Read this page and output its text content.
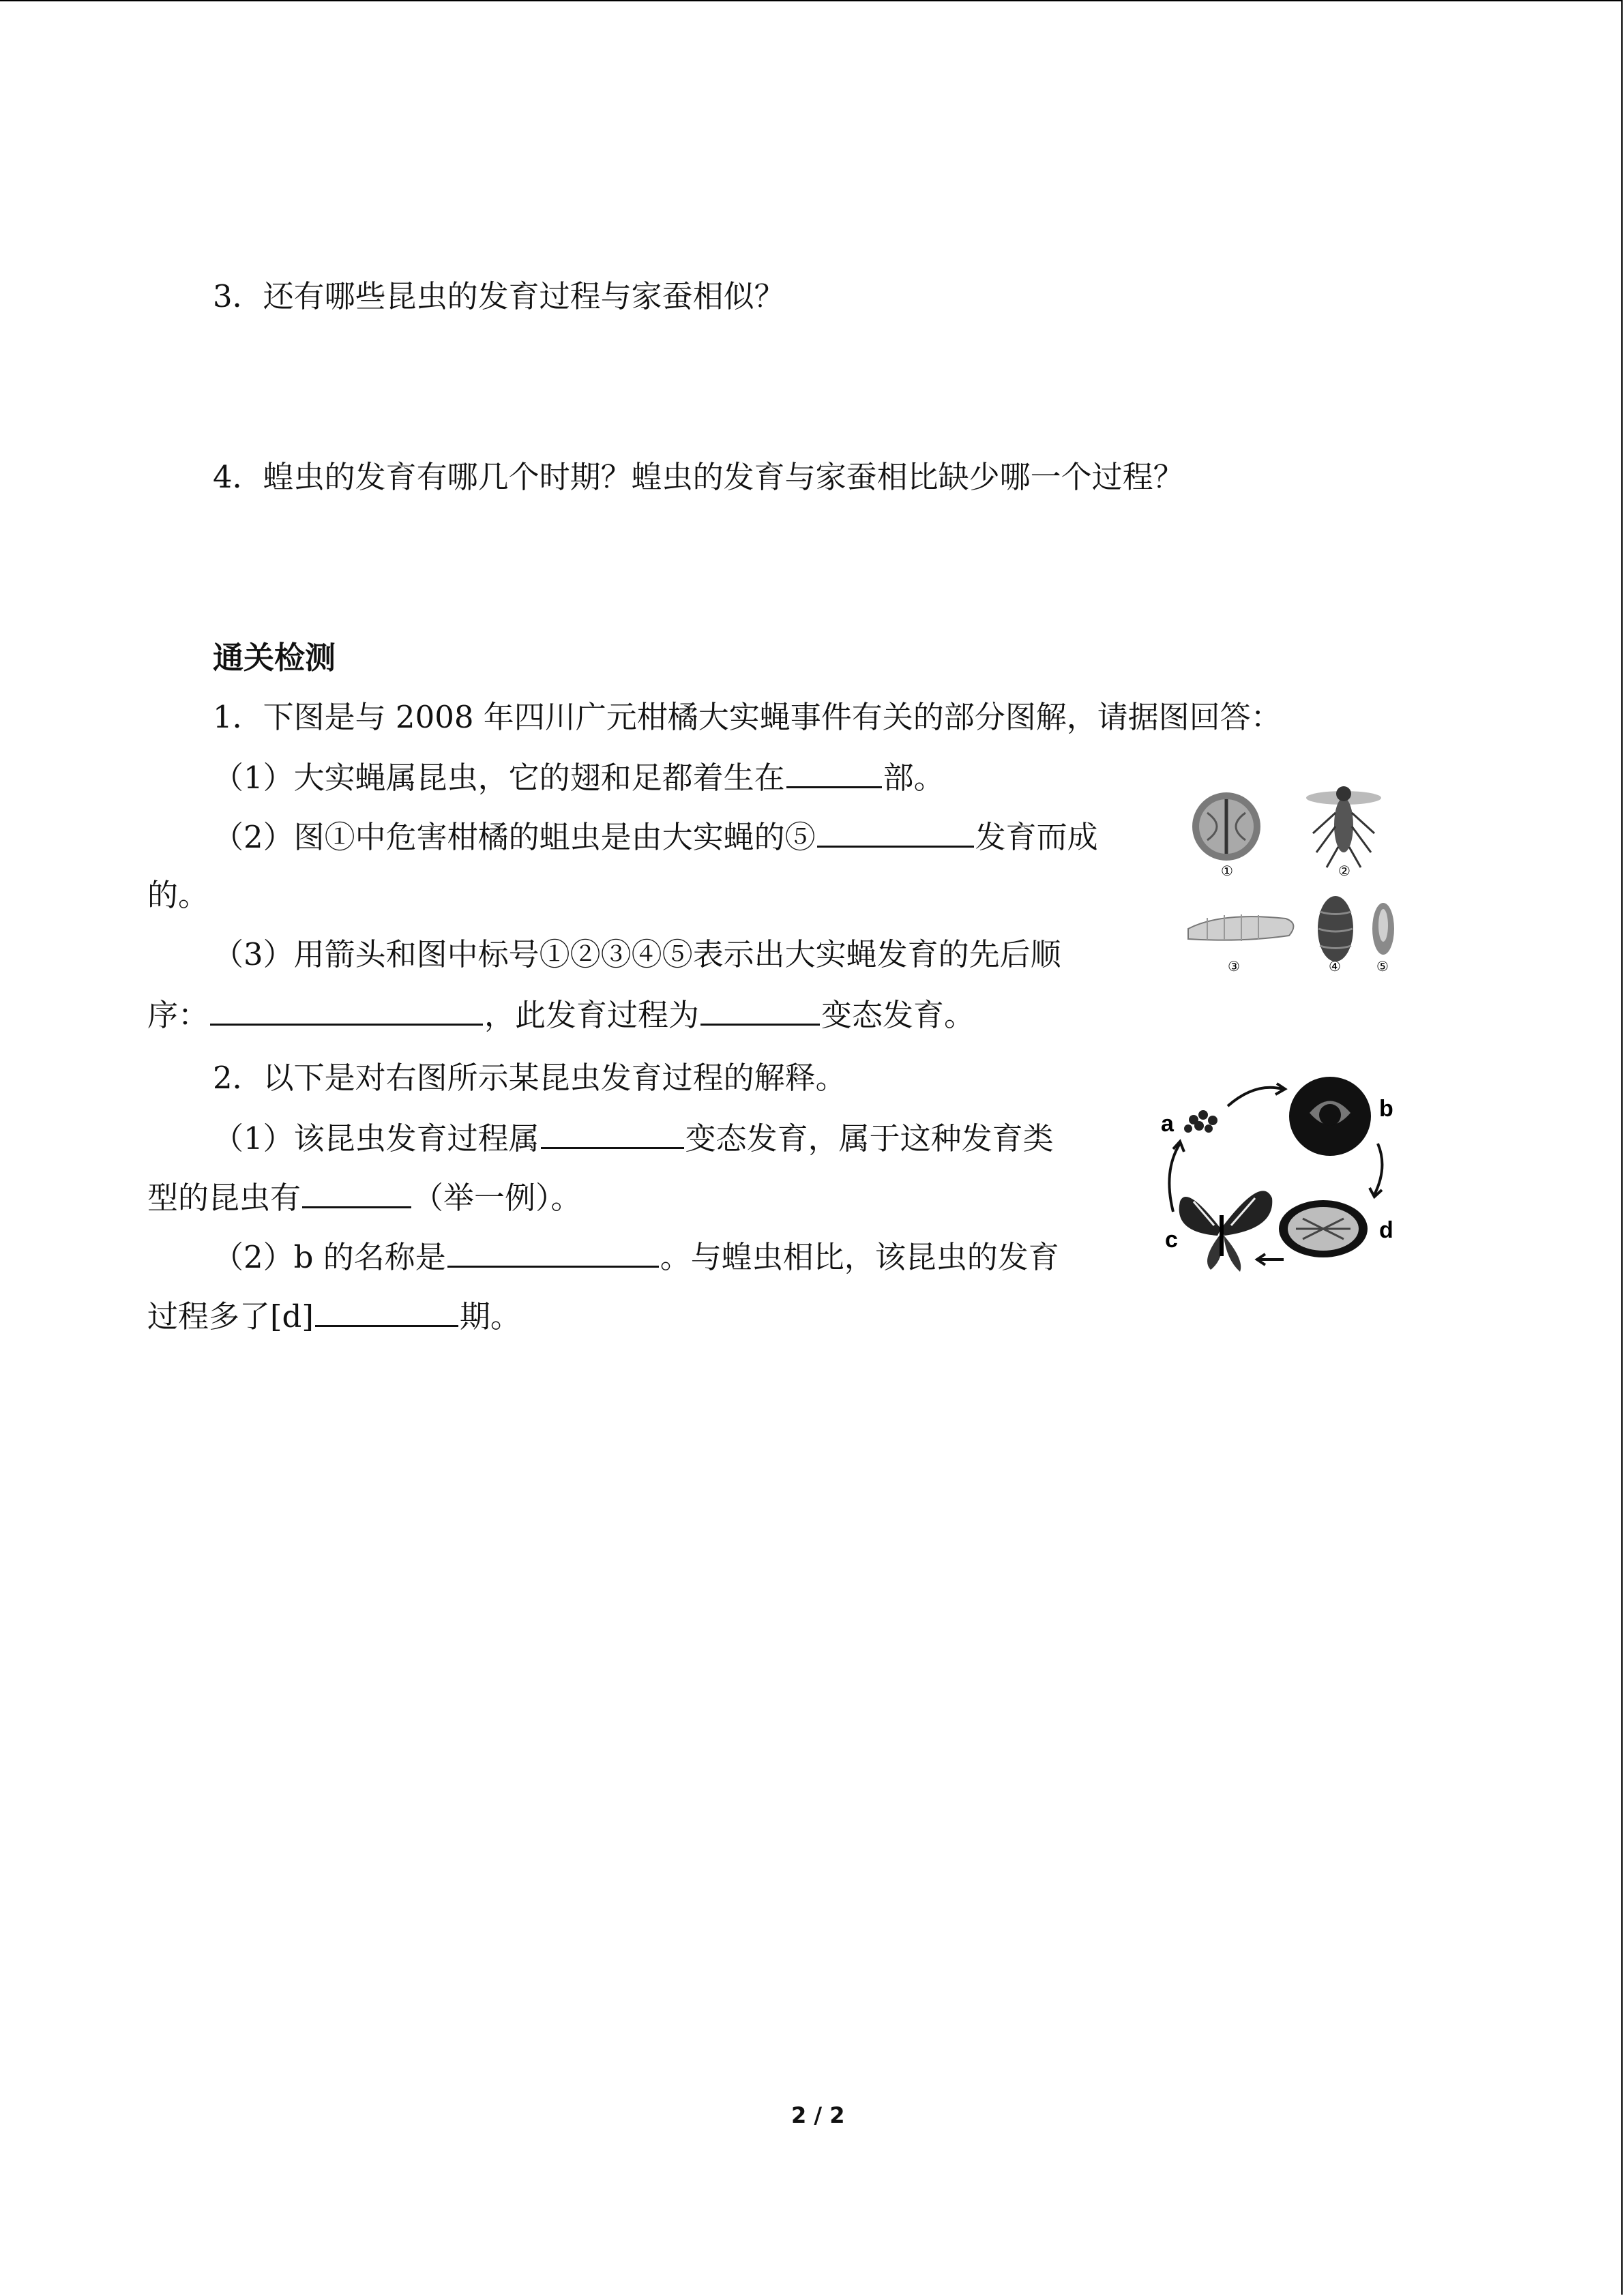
3．还有哪些昆虫的发育过程与家蚕相似？
4．蝗虫的发育有哪几个时期？蝗虫的发育与家蚕相比缺少哪一个过程？
通关检测
1．下图是与 2008 年四川广元柑橘大实蝇事件有关的部分图解，请据图回答：
（1）大实蝇属昆虫，它的翅和足都着生在	部。
（2）图①中危害柑橘的蛆虫是由大实蝇的⑤	发育而成
的。
（3）用箭头和图中标号①②③④⑤表示出大实蝇发育的先后顺
序：	，此发育过程为	变态发育。
①	②
③	④	⑤
2．以下是对右图所示某昆虫发育过程的解释。
（1）该昆虫发育过程属	变态发育，属于这种发育类
型的昆虫有	（举一例）。
（2）b 的名称是	。与蝗虫相比，该昆虫的发育
过程多了[d]	期。
a
b
d
c
2 / 2
